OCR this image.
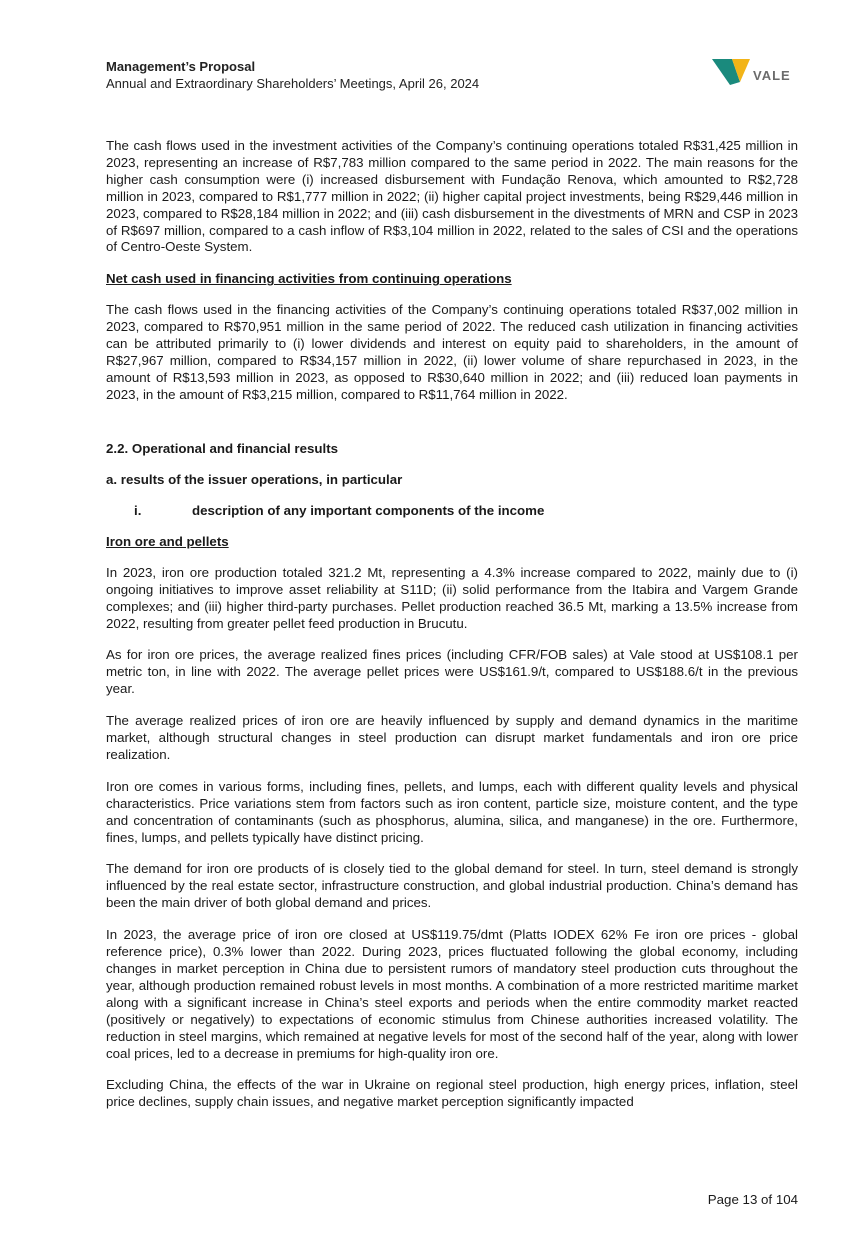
Management’s Proposal
Annual and Extraordinary Shareholders’ Meetings, April 26, 2024
VALE

The cash flows used in the investment activities of the Company’s continuing operations totaled R$31,425 million in 2023, representing an increase of R$7,783 million compared to the same period in 2022. The main reasons for the higher cash consumption were (i) increased disbursement with Fundação Renova, which amounted to R$2,728 million in 2023, compared to R$1,777 million in 2022; (ii) higher capital project investments, being R$29,446 million in 2023, compared to R$28,184 million in 2022; and (iii) cash disbursement in the divestments of MRN and CSP in 2023 of R$697 million, compared to a cash inflow of R$3,104 million in 2022, related to the sales of CSI and the operations of Centro-Oeste System.

Net cash used in financing activities from continuing operations

The cash flows used in the financing activities of the Company’s continuing operations totaled R$37,002 million in 2023, compared to R$70,951 million in the same period of 2022. The reduced cash utilization in financing activities can be attributed primarily to (i) lower dividends and interest on equity paid to shareholders, in the amount of R$27,967 million, compared to R$34,157 million in 2022, (ii) lower volume of share repurchased in 2023, in the amount of R$13,593 million in 2023, as opposed to R$30,640 million in 2022; and (iii) reduced loan payments in 2023, in the amount of R$3,215 million, compared to R$11,764 million in 2022.

2.2. Operational and financial results
a. results of the issuer operations, in particular
i.	description of any important components of the income
Iron ore and pellets

In 2023, iron ore production totaled 321.2 Mt, representing a 4.3% increase compared to 2022, mainly due to (i) ongoing initiatives to improve asset reliability at S11D; (ii) solid performance from the Itabira and Vargem Grande complexes; and (iii) higher third-party purchases. Pellet production reached 36.5 Mt, marking a 13.5% increase from 2022, resulting from greater pellet feed production in Brucutu.

As for iron ore prices, the average realized fines prices (including CFR/FOB sales) at Vale stood at US$108.1 per metric ton, in line with 2022. The average pellet prices were US$161.9/t, compared to US$188.6/t in the previous year.

The average realized prices of iron ore are heavily influenced by supply and demand dynamics in the maritime market, although structural changes in steel production can disrupt market fundamentals and iron ore price realization.

Iron ore comes in various forms, including fines, pellets, and lumps, each with different quality levels and physical characteristics. Price variations stem from factors such as iron content, particle size, moisture content, and the type and concentration of contaminants (such as phosphorus, alumina, silica, and manganese) in the ore. Furthermore, fines, lumps, and pellets typically have distinct pricing.

The demand for iron ore products of is closely tied to the global demand for steel. In turn, steel demand is strongly influenced by the real estate sector, infrastructure construction, and global industrial production. China’s demand has been the main driver of both global demand and prices.

In 2023, the average price of iron ore closed at US$119.75/dmt (Platts IODEX 62% Fe iron ore prices - global reference price), 0.3% lower than 2022. During 2023, prices fluctuated following the global economy, including changes in market perception in China due to persistent rumors of mandatory steel production cuts throughout the year, although production remained robust levels in most months. A combination of a more restricted maritime market along with a significant increase in China’s steel exports and periods when the entire commodity market reacted (positively or negatively) to expectations of economic stimulus from Chinese authorities increased volatility. The reduction in steel margins, which remained at negative levels for most of the second half of the year, along with lower coal prices, led to a decrease in premiums for high-quality iron ore.

Excluding China, the effects of the war in Ukraine on regional steel production, high energy prices, inflation, steel price declines, supply chain issues, and negative market perception significantly impacted

Page 13 of 104
